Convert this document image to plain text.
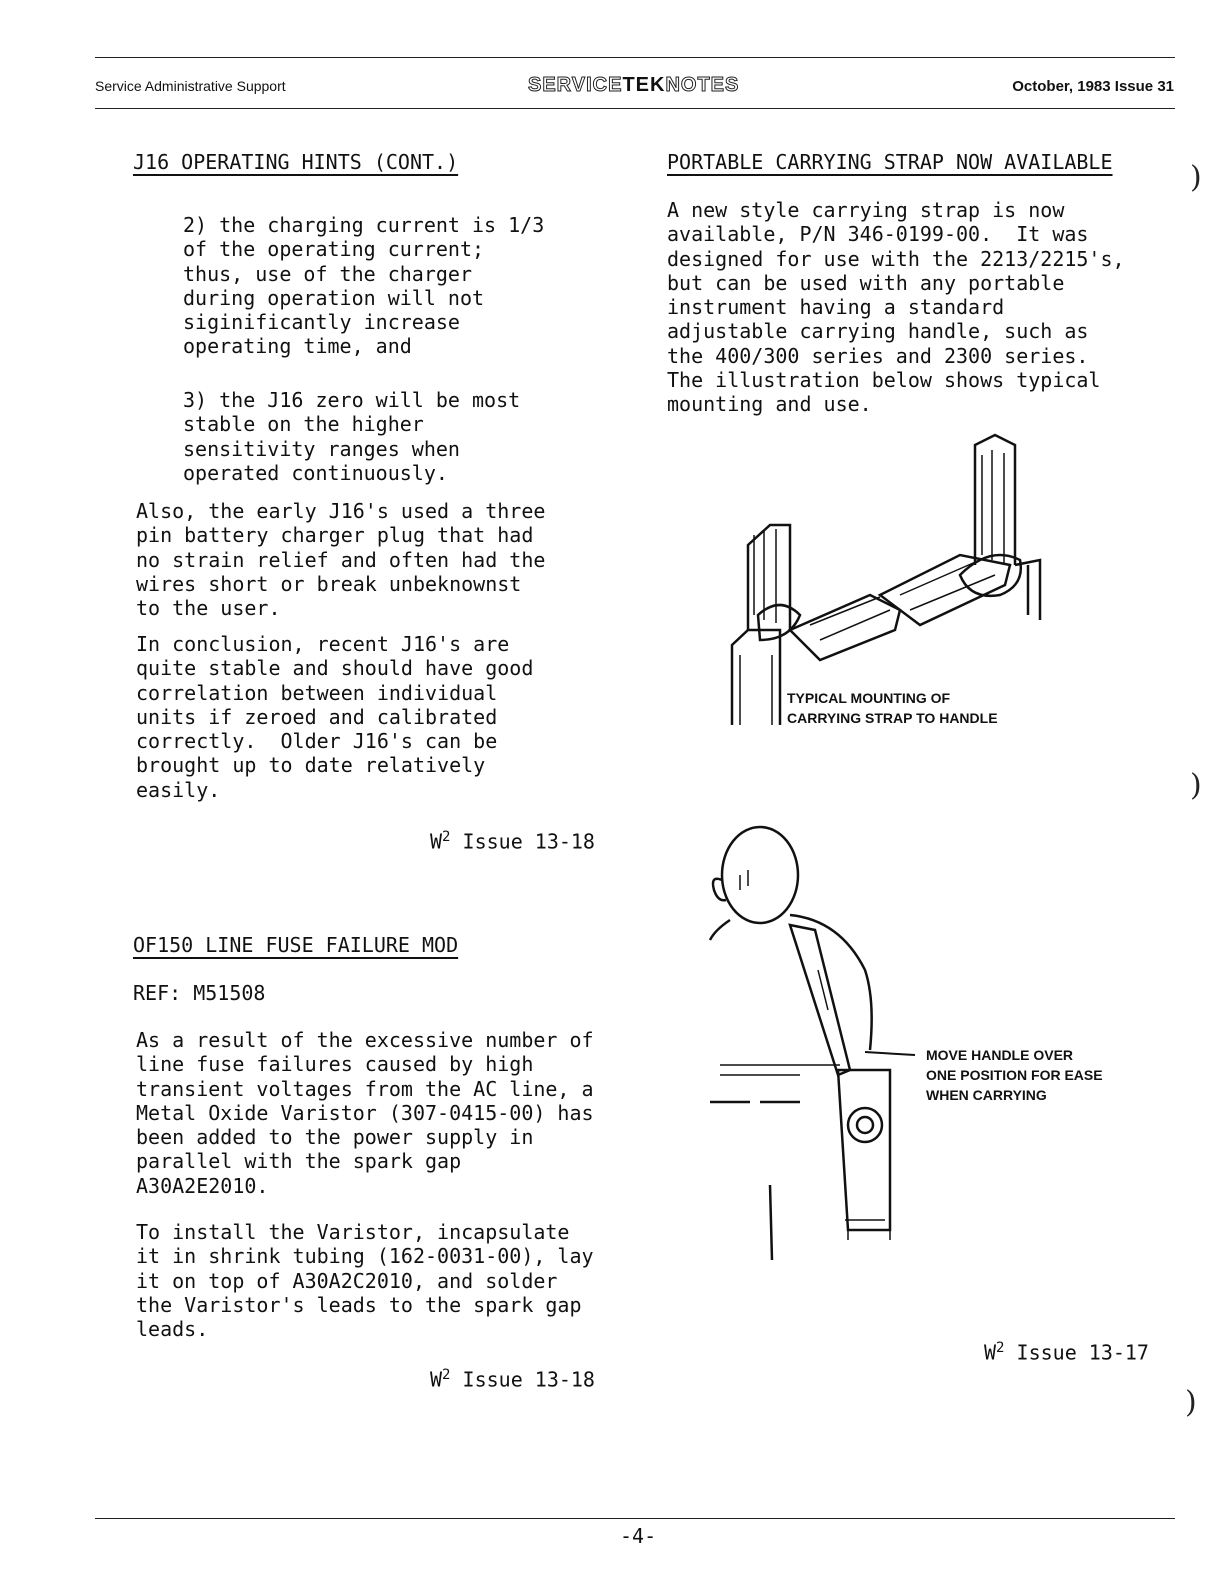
Service Administrative Support	SERVICETEKNOTES	October, 1983 Issue 31
J16 OPERATING HINTS (CONT.)
2) the charging current is 1/3
of the operating current;
thus, use of the charger
during operation will not
siginificantly increase
operating time, and
3) the J16 zero will be most
stable on the higher
sensitivity ranges when
operated continuously.
Also, the early J16's used a three
pin battery charger plug that had
no strain relief and often had the
wires short or break unbeknownst
to the user.
In conclusion, recent J16's are
quite stable and should have good
correlation between individual
units if zeroed and calibrated
correctly.  Older J16's can be
brought up to date relatively
easily.
$W^2$ Issue 13-18
OF150 LINE FUSE FAILURE MOD
REF: M51508
As a result of the excessive number of
line fuse failures caused by high
transient voltages from the AC line, a
Metal Oxide Varistor (307-0415-00) has
been added to the power supply in
parallel with the spark gap
A30A2E2010.
To install the Varistor, incapsulate
it in shrink tubing (162-0031-00), lay
it on top of A30A2C2010, and solder
the Varistor's leads to the spark gap
leads.
$W^2$ Issue 13-18
PORTABLE CARRYING STRAP NOW AVAILABLE
A new style carrying strap is now
available, P/N 346-0199-00.  It was
designed for use with the 2213/2215's,
but can be used with any portable
instrument having a standard
adjustable carrying handle, such as
the 400/300 series and 2300 series.
The illustration below shows typical
mounting and use.
TYPICAL MOUNTING OF
CARRYING STRAP TO HANDLE
MOVE HANDLE OVER
ONE POSITION FOR EASE
WHEN CARRYING
$W^2$ Issue 13-17
)
)
)
-4-
